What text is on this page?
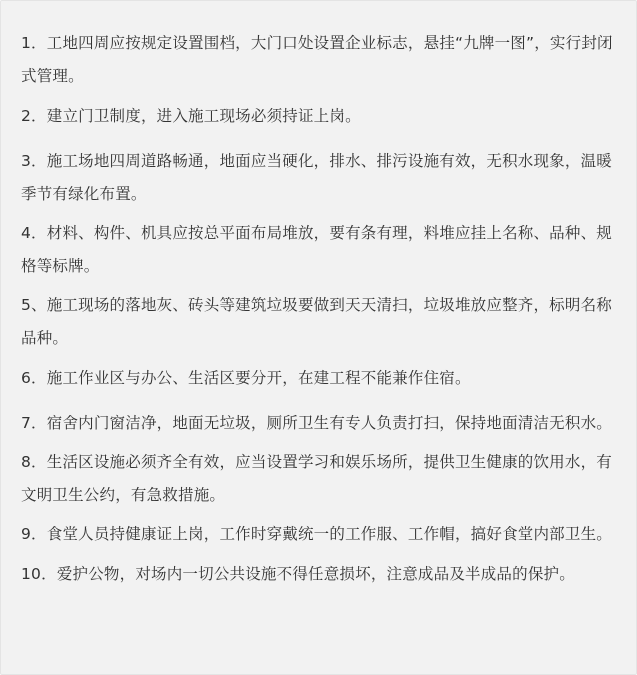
1．工地四周应按规定设置围档，大门口处设置企业标志，悬挂“九牌一图”，实行封闭式管理。

2．建立门卫制度，进入施工现场必须持证上岗。

3．施工场地四周道路畅通，地面应当硬化，排水、排污设施有效，无积水现象，温暖季节有绿化布置。

4．材料、构件、机具应按总平面布局堆放，要有条有理，料堆应挂上名称、品种、规格等标牌。

5、施工现场的落地灰、砖头等建筑垃圾要做到天天清扫，垃圾堆放应整齐，标明名称品种。

6．施工作业区与办公、生活区要分开，在建工程不能兼作住宿。

7．宿舍内门窗洁净，地面无垃圾，厕所卫生有专人负责打扫，保持地面清洁无积水。

8．生活区设施必须齐全有效，应当设置学习和娱乐场所，提供卫生健康的饮用水，有文明卫生公约，有急救措施。

9．食堂人员持健康证上岗，工作时穿戴统一的工作服、工作帽，搞好食堂内部卫生。

10．爱护公物，对场内一切公共设施不得任意损坏，注意成品及半成品的保护。
